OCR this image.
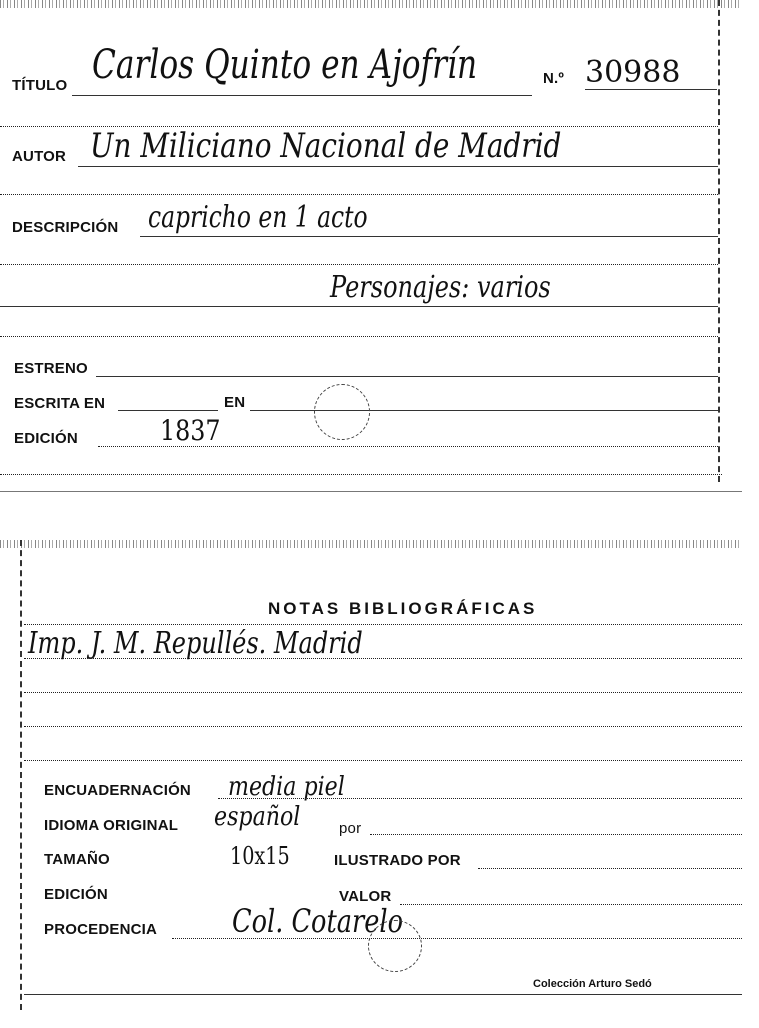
TÍTULO Carlos Quinto en Ajofrín	N.º 30988
AUTOR Un Miliciano Nacional de Madrid
DESCRIPCIÓN capricho en 1 acto
Personajes: varios
ESTRENO
ESCRITA EN	EN
EDICIÓN	1837
NOTAS BIBLIOGRÁFICAS
Imp. J. M. Repullés. Madrid
ENCUADERNACIÓN media piel
IDIOMA ORIGINAL español	por
TAMAÑO	10x15	ILUSTRADO POR
EDICIÓN	VALOR
PROCEDENCIA Col. Cotarelo
Colección Arturo Sedó
